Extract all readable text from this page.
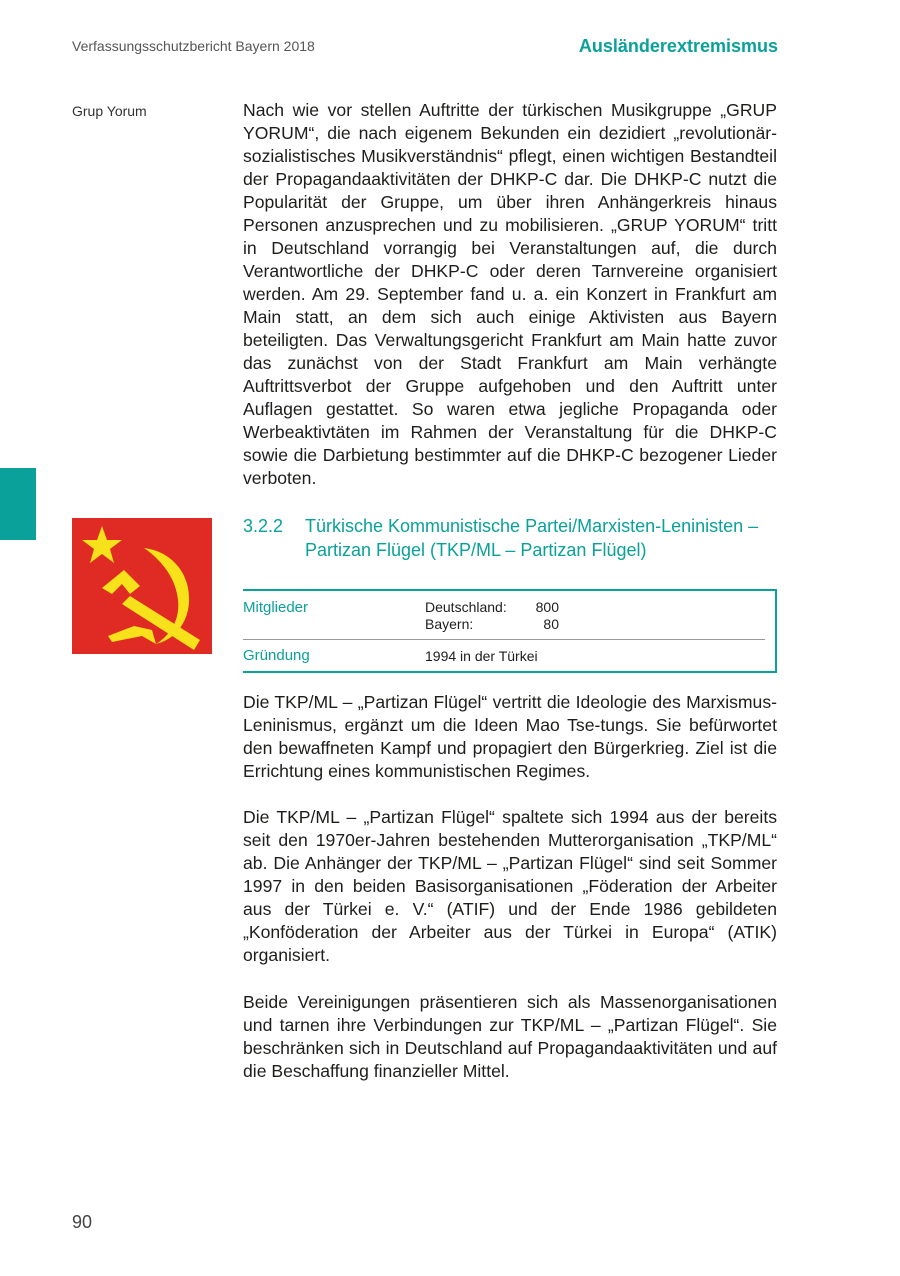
Verfassungsschutzbericht Bayern 2018	Ausländerextremismus
Grup Yorum	Nach wie vor stellen Auftritte der türkischen Musikgruppe „GRUP YORUM“, die nach eigenem Bekunden ein dezidiert „revolutionär-sozialistisches Musikverständnis“ pflegt, einen wichtigen Bestandteil der Propagandaaktivitäten der DHKP-C dar. Die DHKP-C nutzt die Popularität der Gruppe, um über ihren Anhängerkreis hinaus Personen anzusprechen und zu mobilisieren. „GRUP YORUM“ tritt in Deutschland vorrangig bei Veranstaltungen auf, die durch Verantwortliche der DHKP-C oder deren Tarnvereine organisiert werden. Am 29. September fand u. a. ein Konzert in Frankfurt am Main statt, an dem sich auch einige Aktivisten aus Bayern beteiligten. Das Verwaltungsgericht Frankfurt am Main hatte zuvor das zunächst von der Stadt Frankfurt am Main verhängte Auftrittsverbot der Gruppe aufgehoben und den Auftritt unter Auflagen gestattet. So waren etwa jegliche Propaganda oder Werbeaktivtäten im Rahmen der Veranstaltung für die DHKP-C sowie die Darbietung bestimmter auf die DHKP-C bezogener Lieder verboten.
3.2.2 Türkische Kommunistische Partei/Marxisten-Leninisten – Partizan Flügel (TKP/ML – Partizan Flügel)
Mitglieder	Deutschland: 800
Bayern:	80
Gründung	1994 in der Türkei
Die TKP/ML – „Partizan Flügel“ vertritt die Ideologie des Marxismus-Leninismus, ergänzt um die Ideen Mao Tse-tungs. Sie befürwortet den bewaffneten Kampf und propagiert den Bürgerkrieg. Ziel ist die Errichtung eines kommunistischen Regimes.
Die TKP/ML – „Partizan Flügel“ spaltete sich 1994 aus der bereits seit den 1970er-Jahren bestehenden Mutterorganisation „TKP/ML“ ab. Die Anhänger der TKP/ML – „Partizan Flügel“ sind seit Sommer 1997 in den beiden Basisorganisationen „Föderation der Arbeiter aus der Türkei e. V.“ (ATIF) und der Ende 1986 gebildeten „Konföderation der Arbeiter aus der Türkei in Europa“ (ATIK) organisiert.
Beide Vereinigungen präsentieren sich als Massenorganisationen und tarnen ihre Verbindungen zur TKP/ML – „Partizan Flügel“. Sie beschränken sich in Deutschland auf Propagandaaktivitäten und auf die Beschaffung finanzieller Mittel.
90
